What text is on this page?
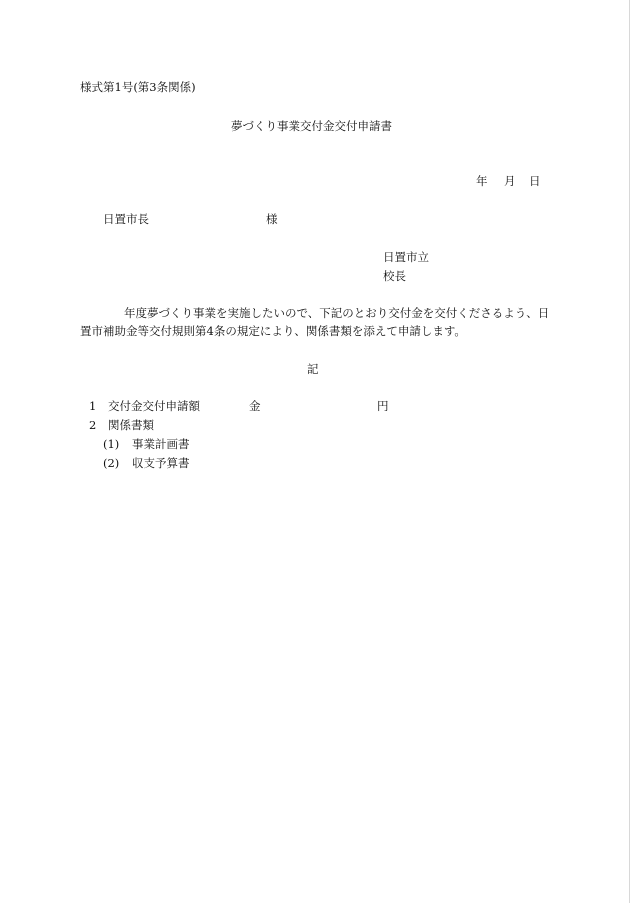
様式第1号(第3条関係)
夢づくり事業交付金交付申請書
年 月 日
日置市長	様
日置市立
校長
年度夢づくり事業を実施したいので、下記のとおり交付金を交付くださるよう、日置市補助金等交付規則第4条の規定により、関係書類を添えて申請します。
記
1 交付金交付申請額	金	円
2 関係書類
(1) 事業計画書
(2) 収支予算書
